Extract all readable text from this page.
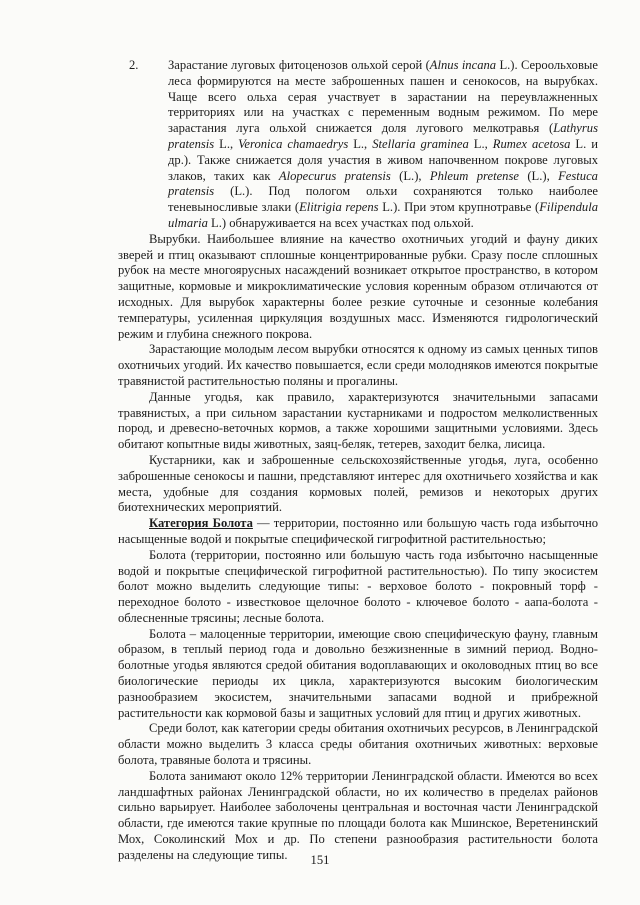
2. Зарастание луговых фитоценозов ольхой серой (Alnus incana L.). Сероольховые леса формируются на месте заброшенных пашен и сенокосов, на вырубках. Чаще всего ольха серая участвует в зарастании на переувлажненных территориях или на участках с переменным водным режимом. По мере зарастания луга ольхой снижается доля лугового мелкотравья (Lathyrus pratensis L., Veronica chamaedrys L., Stellaria graminea L., Rumex acetosa L. и др.). Также снижается доля участия в живом напочвенном покрове луговых злаков, таких как Alopecurus pratensis (L.), Phleum pretense (L.), Festuca pratensis (L.). Под пологом ольхи сохраняются только наиболее теневыносливые злаки (Elitrigia repens L.). При этом крупнотравье (Filipendula ulmaria L.) обнаруживается на всех участках под ольхой.

Вырубки. Наибольшее влияние на качество охотничьих угодий и фауну диких зверей и птиц оказывают сплошные концентрированные рубки. Сразу после сплошных рубок на месте многоярусных насаждений возникает открытое пространство, в котором защитные, кормовые и микроклиматические условия коренным образом отличаются от исходных. Для вырубок характерны более резкие суточные и сезонные колебания температуры, усиленная циркуляция воздушных масс. Изменяются гидрологический режим и глубина снежного покрова.

Зарастающие молодым лесом вырубки относятся к одному из самых ценных типов охотничьих угодий. Их качество повышается, если среди молодняков имеются покрытые травянистой растительностью поляны и прогалины.

Данные угодья, как правило, характеризуются значительными запасами травянистых, а при сильном зарастании кустарниками и подростом мелколиственных пород, и древесно-веточных кормов, а также хорошими защитными условиями. Здесь обитают копытные виды животных, заяц-беляк, тетерев, заходит белка, лисица.

Кустарники, как и заброшенные сельскохозяйственные угодья, луга, особенно заброшенные сенокосы и пашни, представляют интерес для охотничьего хозяйства и как места, удобные для создания кормовых полей, ремизов и некоторых других биотехнических мероприятий.

Категория Болота — территории, постоянно или большую часть года избыточно насыщенные водой и покрытые специфической гигрофитной растительностью;

Болота (территории, постоянно или большую часть года избыточно насыщенные водой и покрытые специфической гигрофитной растительностью). По типу экосистем болот можно выделить следующие типы: - верховое болото - покровный торф - переходное болото - известковое щелочное болото - ключевое болото - аапа-болота - облесненные трясины; лесные болота.

Болота – малоценные территории, имеющие свою специфическую фауну, главным образом, в теплый период года и довольно безжизненные в зимний период. Водно-болотные угодья являются средой обитания водоплавающих и околоводных птиц во все биологические периоды их цикла, характеризуются высоким биологическим разнообразием экосистем, значительными запасами водной и прибрежной растительности как кормовой базы и защитных условий для птиц и других животных.

Среди болот, как категории среды обитания охотничьих ресурсов, в Ленинградской области можно выделить 3 класса среды обитания охотничьих животных: верховые болота, травяные болота и трясины.

Болота занимают около 12% территории Ленинградской области. Имеются во всех ландшафтных районах Ленинградской области, но их количество в пределах районов сильно варьирует. Наиболее заболочены центральная и восточная части Ленинградской области, где имеются такие крупные по площади болота как Мшинское, Веретенинский Мох, Соколинский Мох и др. По степени разнообразия растительности болота разделены на следующие типы.	151
